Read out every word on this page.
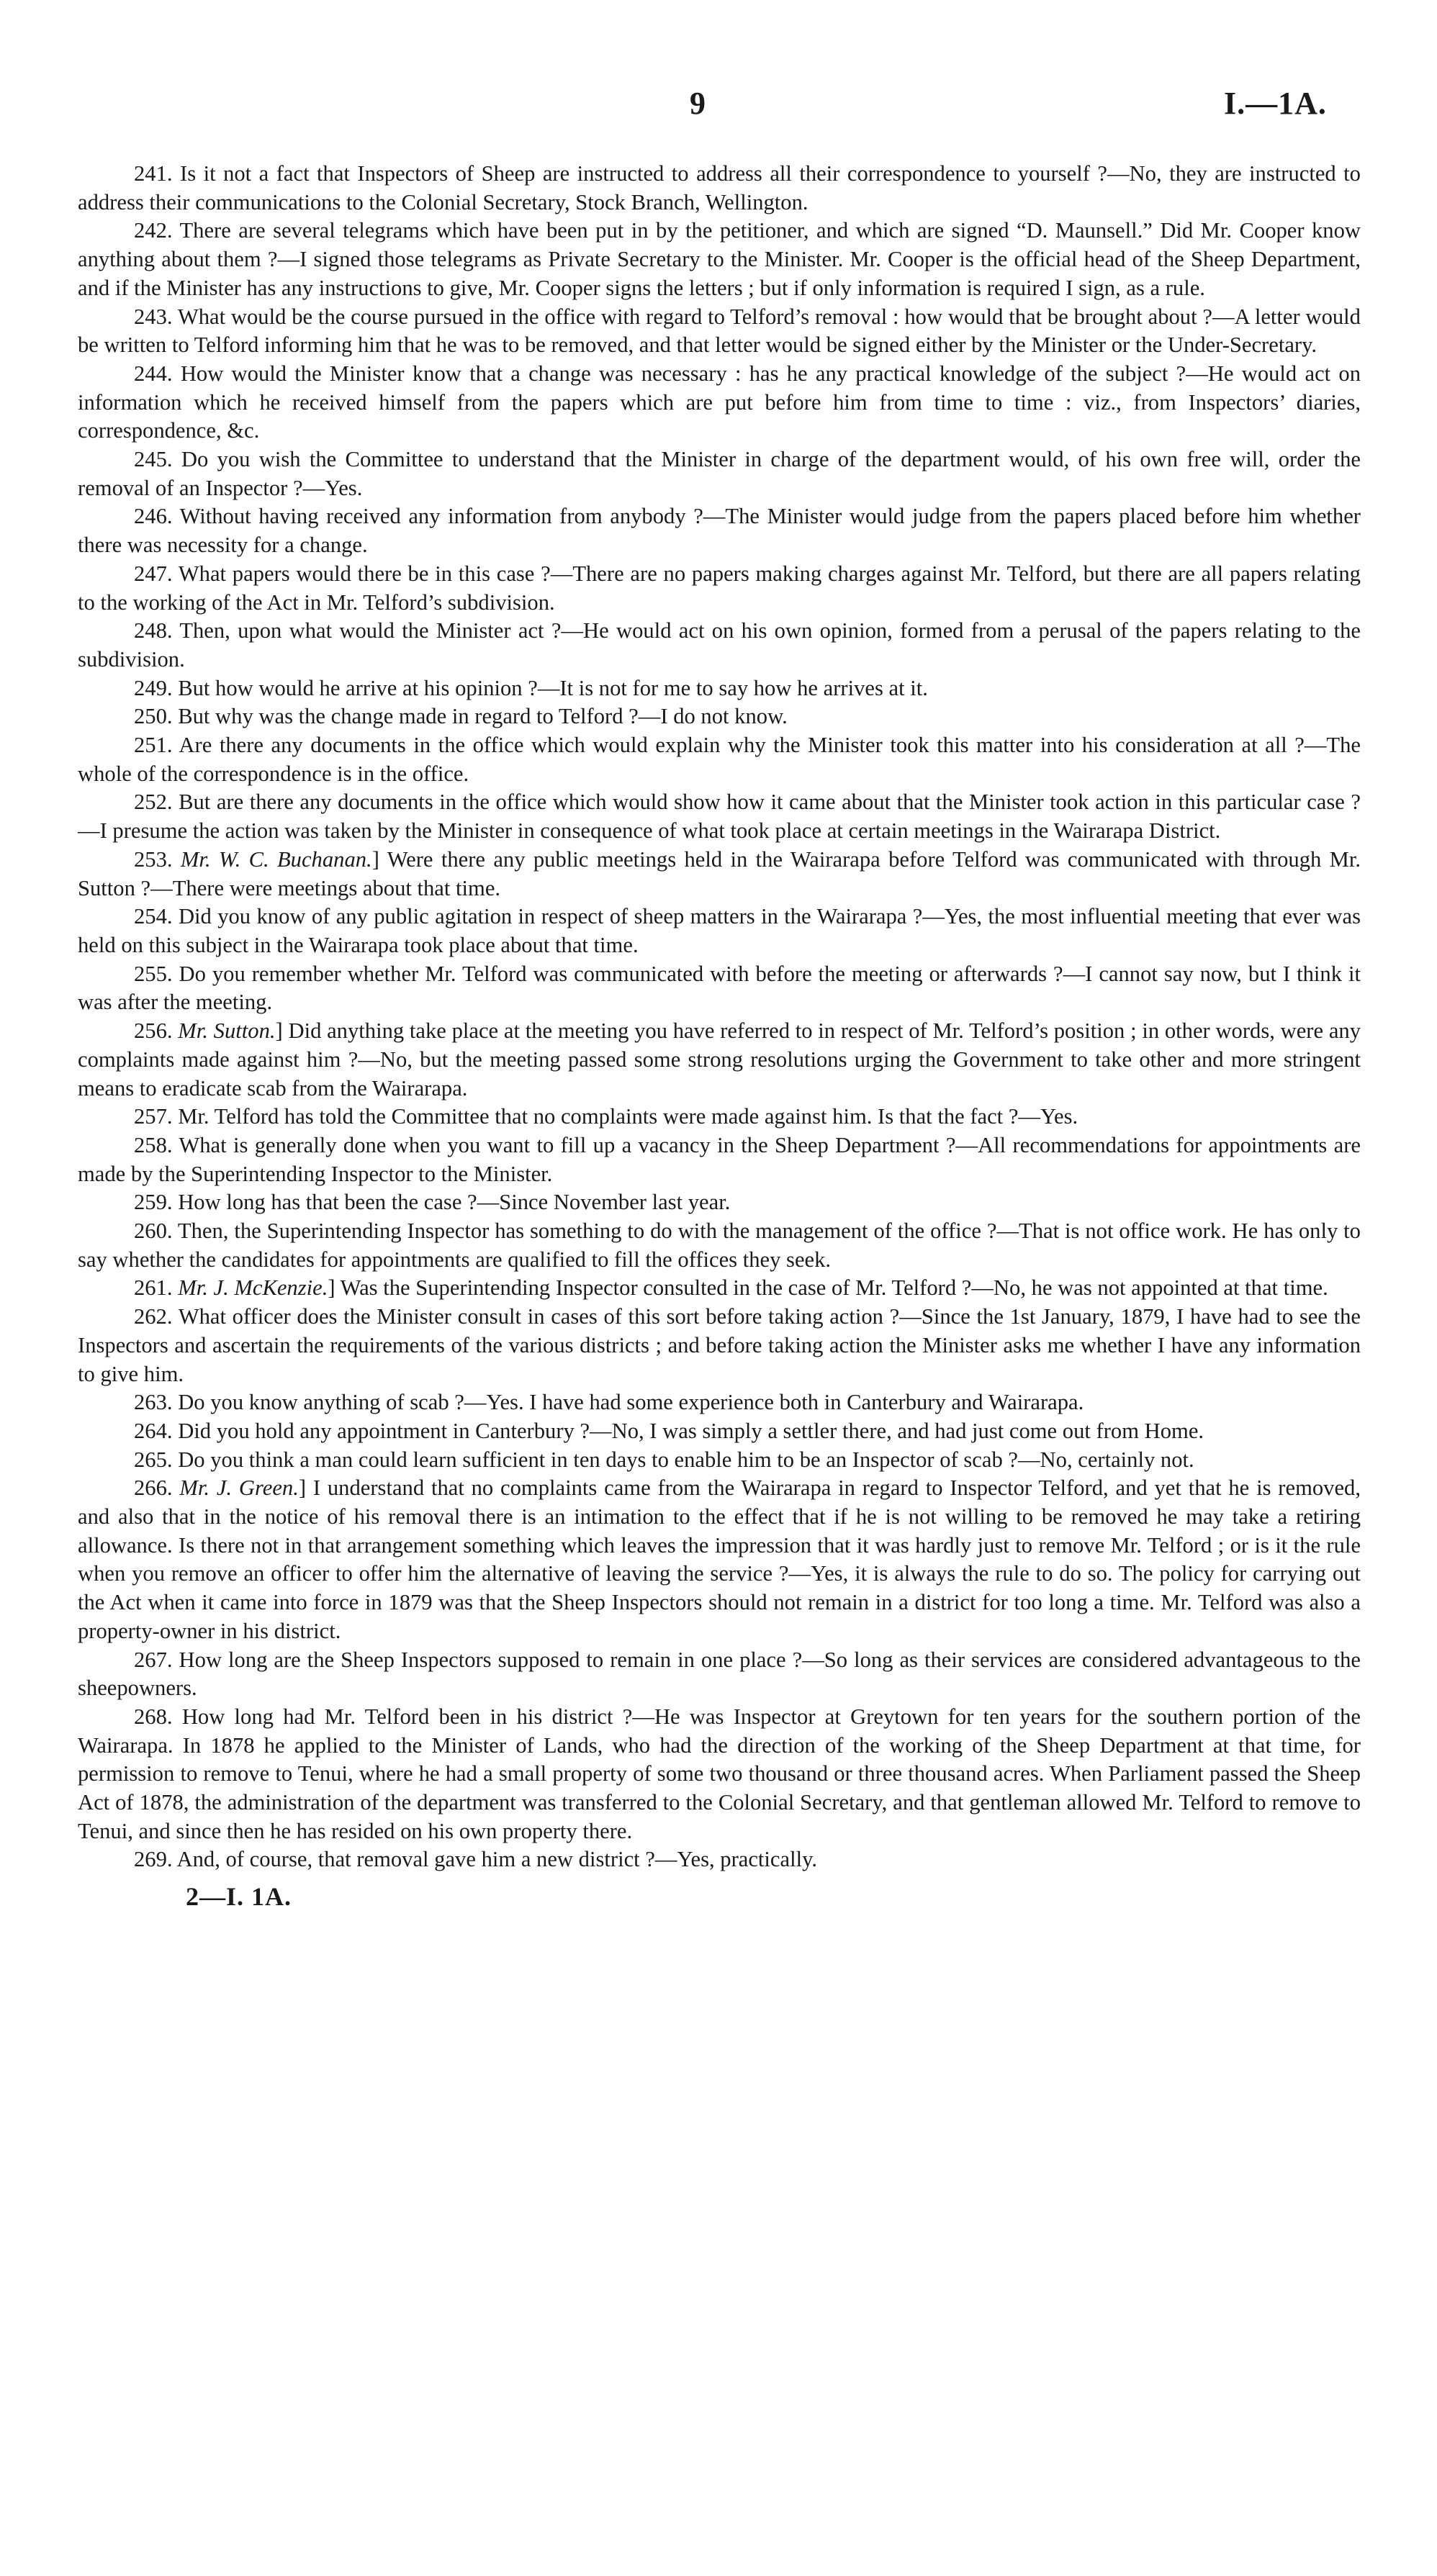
9	I.—1A.

241. Is it not a fact that Inspectors of Sheep are instructed to address all their correspondence to yourself ?—No, they are instructed to address their communications to the Colonial Secretary, Stock Branch, Wellington.

242. There are several telegrams which have been put in by the petitioner, and which are signed “D. Maunsell.” Did Mr. Cooper know anything about them ?—I signed those telegrams as Private Secretary to the Minister. Mr. Cooper is the official head of the Sheep Department, and if the Minister has any instructions to give, Mr. Cooper signs the letters ; but if only information is required I sign, as a rule.

243. What would be the course pursued in the office with regard to Telford’s removal : how would that be brought about ?—A letter would be written to Telford informing him that he was to be removed, and that letter would be signed either by the Minister or the Under-Secretary.

244. How would the Minister know that a change was necessary : has he any practical knowledge of the subject ?—He would act on information which he received himself from the papers which are put before him from time to time : viz., from Inspectors’ diaries, correspondence, &c.

245. Do you wish the Committee to understand that the Minister in charge of the department would, of his own free will, order the removal of an Inspector ?—Yes.

246. Without having received any information from anybody ?—The Minister would judge from the papers placed before him whether there was necessity for a change.

247. What papers would there be in this case ?—There are no papers making charges against Mr. Telford, but there are all papers relating to the working of the Act in Mr. Telford’s subdivision.

248. Then, upon what would the Minister act ?—He would act on his own opinion, formed from a perusal of the papers relating to the subdivision.

249. But how would he arrive at his opinion ?—It is not for me to say how he arrives at it.

250. But why was the change made in regard to Telford ?—I do not know.

251. Are there any documents in the office which would explain why the Minister took this matter into his consideration at all ?—The whole of the correspondence is in the office.

252. But are there any documents in the office which would show how it came about that the Minister took action in this particular case ?—I presume the action was taken by the Minister in consequence of what took place at certain meetings in the Wairarapa District.

253. Mr. W. C. Buchanan.] Were there any public meetings held in the Wairarapa before Telford was communicated with through Mr. Sutton ?—There were meetings about that time.

254. Did you know of any public agitation in respect of sheep matters in the Wairarapa ?—Yes, the most influential meeting that ever was held on this subject in the Wairarapa took place about that time.

255. Do you remember whether Mr. Telford was communicated with before the meeting or afterwards ?—I cannot say now, but I think it was after the meeting.

256. Mr. Sutton.] Did anything take place at the meeting you have referred to in respect of Mr. Telford’s position ; in other words, were any complaints made against him ?—No, but the meeting passed some strong resolutions urging the Government to take other and more stringent means to eradicate scab from the Wairarapa.

257. Mr. Telford has told the Committee that no complaints were made against him. Is that the fact ?—Yes.

258. What is generally done when you want to fill up a vacancy in the Sheep Department ?—All recommendations for appointments are made by the Superintending Inspector to the Minister.

259. How long has that been the case ?—Since November last year.

260. Then, the Superintending Inspector has something to do with the management of the office ?—That is not office work. He has only to say whether the candidates for appointments are qualified to fill the offices they seek.

261. Mr. J. McKenzie.] Was the Superintending Inspector consulted in the case of Mr. Telford ?—No, he was not appointed at that time.

262. What officer does the Minister consult in cases of this sort before taking action ?—Since the 1st January, 1879, I have had to see the Inspectors and ascertain the requirements of the various districts ; and before taking action the Minister asks me whether I have any information to give him.

263. Do you know anything of scab ?—Yes. I have had some experience both in Canterbury and Wairarapa.

264. Did you hold any appointment in Canterbury ?—No, I was simply a settler there, and had just come out from Home.

265. Do you think a man could learn sufficient in ten days to enable him to be an Inspector of scab ?—No, certainly not.

266. Mr. J. Green.] I understand that no complaints came from the Wairarapa in regard to Inspector Telford, and yet that he is removed, and also that in the notice of his removal there is an intimation to the effect that if he is not willing to be removed he may take a retiring allowance. Is there not in that arrangement something which leaves the impression that it was hardly just to remove Mr. Telford ; or is it the rule when you remove an officer to offer him the alternative of leaving the service ?—Yes, it is always the rule to do so. The policy for carrying out the Act when it came into force in 1879 was that the Sheep Inspectors should not remain in a district for too long a time. Mr. Telford was also a property-owner in his district.

267. How long are the Sheep Inspectors supposed to remain in one place ?—So long as their services are considered advantageous to the sheepowners.

268. How long had Mr. Telford been in his district ?—He was Inspector at Greytown for ten years for the southern portion of the Wairarapa. In 1878 he applied to the Minister of Lands, who had the direction of the working of the Sheep Department at that time, for permission to remove to Tenui, where he had a small property of some two thousand or three thousand acres. When Parliament passed the Sheep Act of 1878, the administration of the department was transferred to the Colonial Secretary, and that gentleman allowed Mr. Telford to remove to Tenui, and since then he has resided on his own property there.

269. And, of course, that removal gave him a new district ?—Yes, practically.

2—I. 1A.
